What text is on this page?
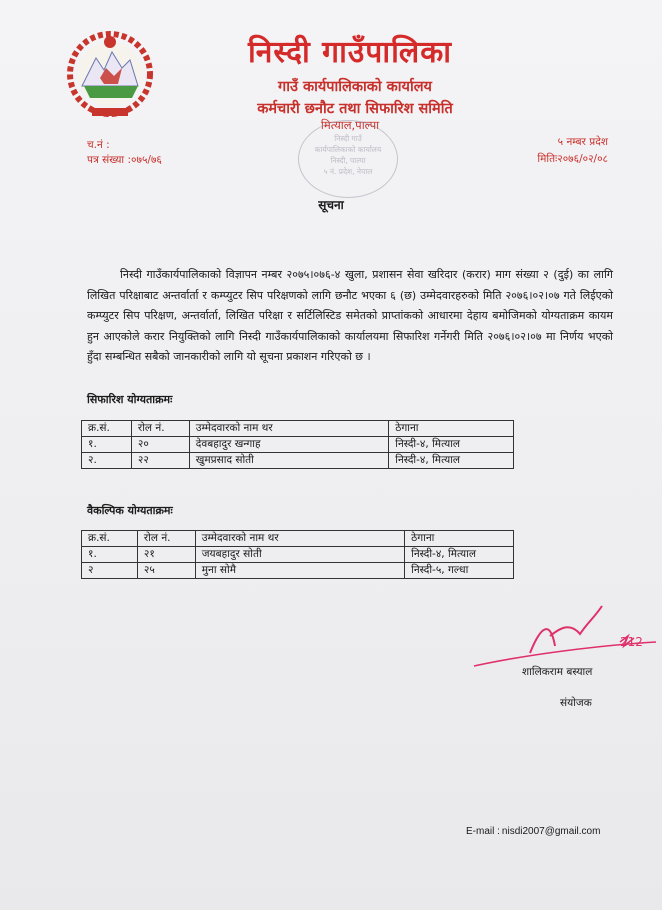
निस्दी गाउँपालिका
गाउँ कार्यपालिकाको कार्यालय
कर्मचारी छनौट तथा सिफारिश समिति
मित्याल,पाल्पा
च.नं :
पत्र संख्या :०७५/७६
५ नम्बर प्रदेश
मितिः२०७६/०२/०८
निस्दी गाउँ
कार्यपालिकाको कार्यालय
निस्दी, पाल्पा
५ नं. प्रदेश, नेपाल
सूचना
निस्दी गाउँकार्यपालिकाको विज्ञापन नम्बर २०७५।०७६-४ खुला, प्रशासन सेवा खरिदार (करार) माग संख्या २ (दुई) का लागि लिखित परिक्षाबाट अन्तर्वार्ता र कम्प्युटर सिप परिक्षणको लागि छनौट भएका ६ (छ) उम्मेदवारहरुको मिति २०७६।०२।०७ गते लिईएको कम्प्युटर सिप परिक्षण, अन्तर्वार्ता, लिखित परिक्षा र सर्टिलिस्टिड समेतको प्राप्तांकको आधारमा देहाय बमोजिमको योग्यताक्रम कायम हुन आएकोले करार नियुक्तिको लागि निस्दी गाउँकार्यपालिकाको कार्यालयमा सिफारिश गर्नेगरी मिति २०७६।०२।०७ मा निर्णय भएको हुँदा सम्बन्धित सबैको जानकारीको लागि यो सूचना प्रकाशन गरिएको छ ।
सिफारिश योग्यताक्रमः
क्र.सं.	रोल नं.	उम्मेदवारको नाम थर	ठेगाना
१.	२०	देवबहादुर खन्गाह	निस्दी-४, मित्याल
२.	२२	खुमप्रसाद सोती	निस्दी-४, मित्याल
वैकल्पिक योग्यताक्रमः
क्र.सं.	रोल नं.	उम्मेदवारको नाम थर	ठेगाना
१.	२१	जयबहादुर सोती	निस्दी-४, मित्याल
२	२५	मुना सोमै	निस्दी-५, गल्धा
212
शालिकराम बस्याल
संयोजक
E-mail : nisdi2007@gmail.com
